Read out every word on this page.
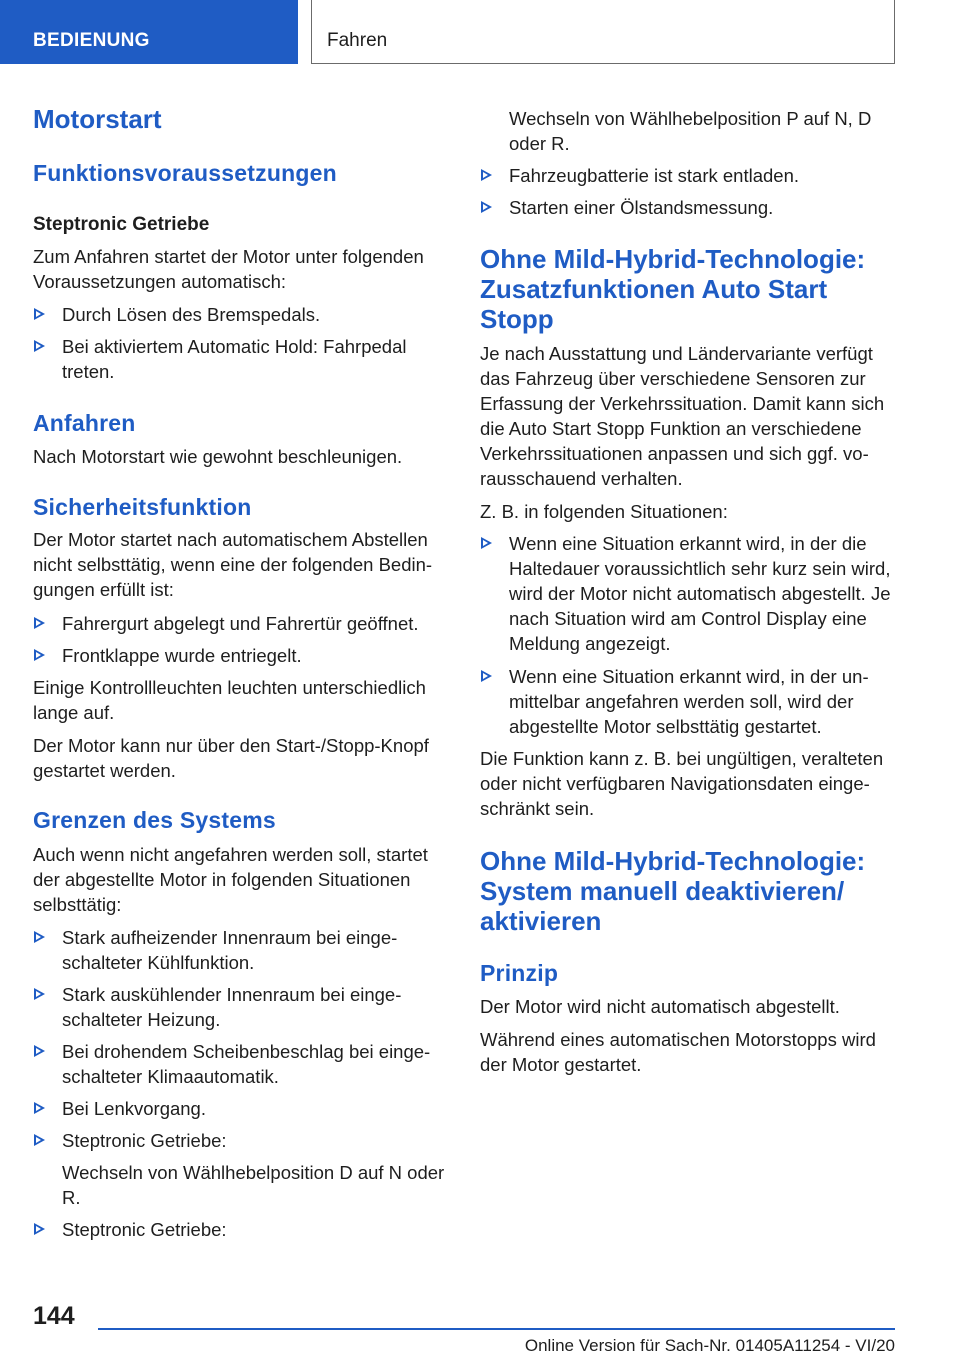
BEDIENUNG	Fahren
Motorstart
Funktionsvoraussetzungen
Steptronic Getriebe
Zum Anfahren startet der Motor unter folgenden Voraussetzungen automatisch:
Durch Lösen des Bremspedals.
Bei aktiviertem Automatic Hold: Fahrpedal treten.
Anfahren
Nach Motorstart wie gewohnt beschleunigen.
Sicherheitsfunktion
Der Motor startet nach automatischem Abstellen nicht selbsttätig, wenn eine der folgenden Bedingungen erfüllt ist:
Fahrergurt abgelegt und Fahrertür geöffnet.
Frontklappe wurde entriegelt.
Einige Kontrollleuchten leuchten unterschiedlich lange auf.
Der Motor kann nur über den Start-/Stopp-Knopf gestartet werden.
Grenzen des Systems
Auch wenn nicht angefahren werden soll, startet der abgestellte Motor in folgenden Situationen selbsttätig:
Stark aufheizender Innenraum bei eingeschalteter Kühlfunktion.
Stark auskühlender Innenraum bei eingeschalteter Heizung.
Bei drohendem Scheibenbeschlag bei eingeschalteter Klimaautomatik.
Bei Lenkvorgang.
Steptronic Getriebe:
Wechseln von Wählhebelposition D auf N oder R.
Steptronic Getriebe:
Wechseln von Wählhebelposition P auf N, D oder R.
Fahrzeugbatterie ist stark entladen.
Starten einer Ölstandsmessung.
Ohne Mild-Hybrid-Technologie: Zusatzfunktionen Auto Start Stopp
Je nach Ausstattung und Ländervariante verfügt das Fahrzeug über verschiedene Sensoren zur Erfassung der Verkehrssituation. Damit kann sich die Auto Start Stopp Funktion an verschiedene Verkehrssituationen anpassen und sich ggf. vorausschauend verhalten.
Z. B. in folgenden Situationen:
Wenn eine Situation erkannt wird, in der die Haltedauer voraussichtlich sehr kurz sein wird, wird der Motor nicht automatisch abgestellt. Je nach Situation wird am Control Display eine Meldung angezeigt.
Wenn eine Situation erkannt wird, in der unmittelbar angefahren werden soll, wird der abgestellte Motor selbsttätig gestartet.
Die Funktion kann z. B. bei ungültigen, veralteten oder nicht verfügbaren Navigationsdaten eingeschränkt sein.
Ohne Mild-Hybrid-Technologie: System manuell deaktivieren/ aktivieren
Prinzip
Der Motor wird nicht automatisch abgestellt.
Während eines automatischen Motorstopps wird der Motor gestartet.
144
Online Version für Sach-Nr. 01405A11254 - VI/20
